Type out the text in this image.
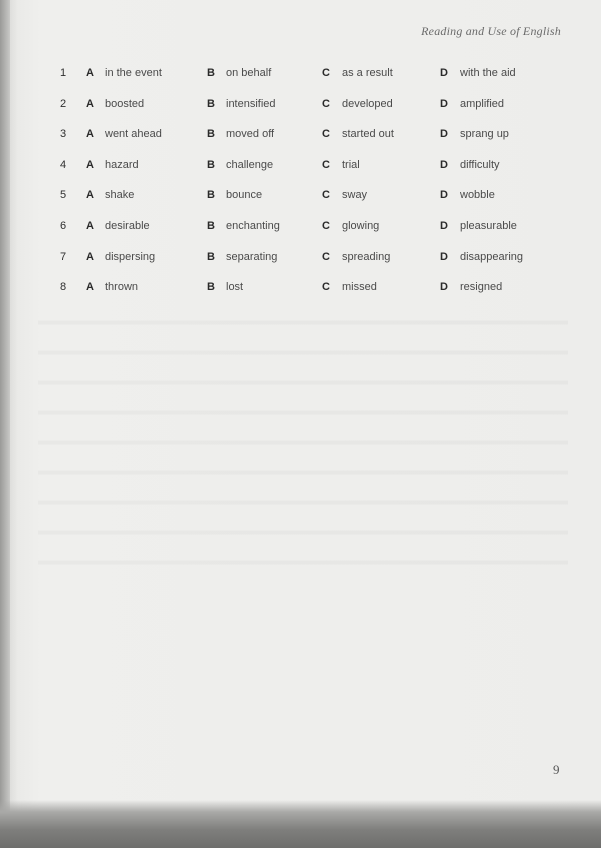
Reading and Use of English
1 A in the event	B on behalf	C as a result	D with the aid
2 A boosted	B intensified	C developed	D amplified
3 A went ahead	B moved off	C started out	D sprang up
4 A hazard	B challenge	C trial	D difficulty
5 A shake	B bounce	C sway	D wobble
6 A desirable	B enchanting	C glowing	D pleasurable
7 A dispersing	B separating	C spreading	D disappearing
8 A thrown	B lost	C missed	D resigned
9
